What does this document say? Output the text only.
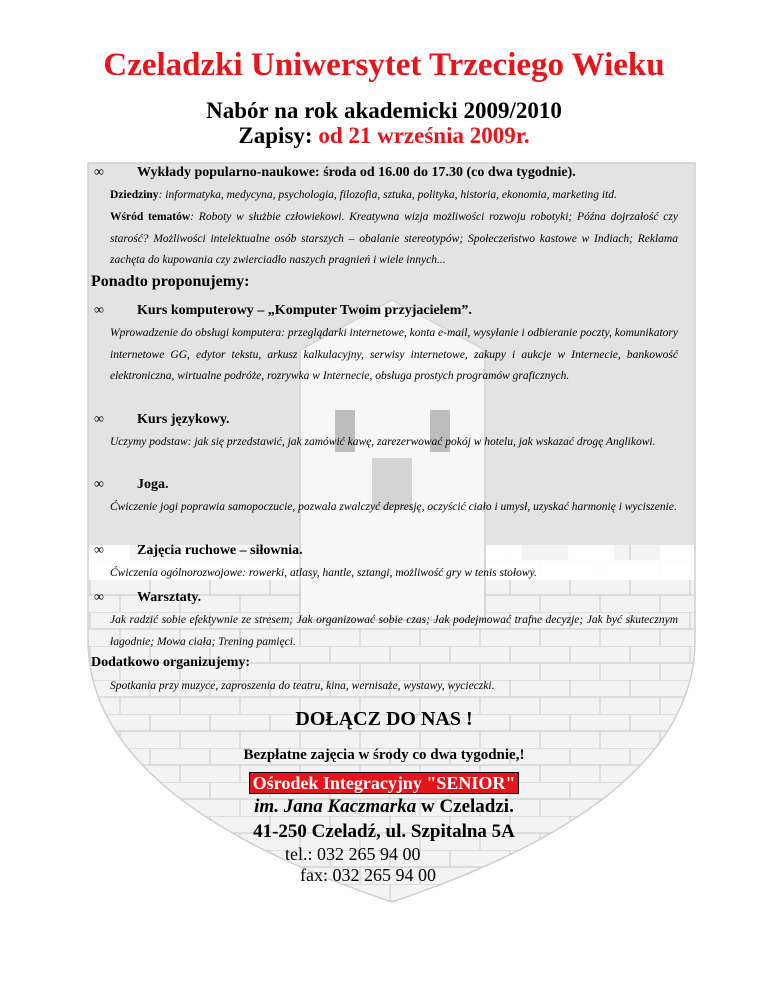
Czeladzki Uniwersytet Trzeciego Wieku
Nabór na rok akademicki 2009/2010
Zapisy: od 21 września 2009r.
∞ Wykłady popularno-naukowe: środa od 16.00 do 17.30 (co dwa tygodnie).
Dziedziny: informatyka, medycyna, psychologia, filozofia, sztuka, polityka, historia, ekonomia, marketing itd.
Wśród tematów: Roboty w służbie człowiekowi. Kreatywna wizja możliwości rozwoju robotyki; Późna dojrzałość czy starość? Możliwości intelektualne osób starszych – obalanie stereotypów; Społeczeństwo kastowe w Indiach; Reklama zachęta do kupowania czy zwierciadło naszych pragnień i wiele innych...
Ponadto proponujemy:
∞ Kurs komputerowy – „Komputer Twoim przyjacielem”.
Wprowadzenie do obsługi komputera: przeglądarki internetowe, konta e-mail, wysyłanie i odbieranie poczty, komunikatory internetowe GG, edytor tekstu, arkusz kalkulacyjny, serwisy internetowe, zakupy i aukcje w Internecie, bankowość elektroniczna, wirtualne podróże, rozrywka w Internecie, obsługa prostych programów graficznych.
∞ Kurs językowy.
Uczymy podstaw: jak się przedstawić, jak zamówić kawę, zarezerwować pokój w hotelu, jak wskazać drogę Anglikowi.
∞ Joga.
Ćwiczenie jogi poprawia samopoczucie, pozwala zwalczyć depresję, oczyścić ciało i umysł, uzyskać harmonię i wyciszenie.
∞ Zajęcia ruchowe – siłownia.
Ćwiczenia ogólnorozwojowe: rowerki, atlasy, hantle, sztangi, możliwość gry w tenis stołowy.
∞ Warsztaty.
Jak radzić sobie efektywnie ze stresem; Jak organizować sobie czas; Jak podejmować trafne decyzje; Jak być skutecznym łagodnie; Mowa ciała; Trening pamięci.
Dodatkowo organizujemy:
Spotkania przy muzyce, zaproszenia do teatru, kina, wernisaże, wystawy, wycieczki.
DOŁĄCZ DO NAS !
Bezpłatne zajęcia w środy co dwa tygodnie,!
Ośrodek Integracyjny "SENIOR"
im. Jana Kaczmarka w Czeladzi.
41-250 Czeladź, ul. Szpitalna 5A
tel.: 032 265 94 00
fax: 032 265 94 00
